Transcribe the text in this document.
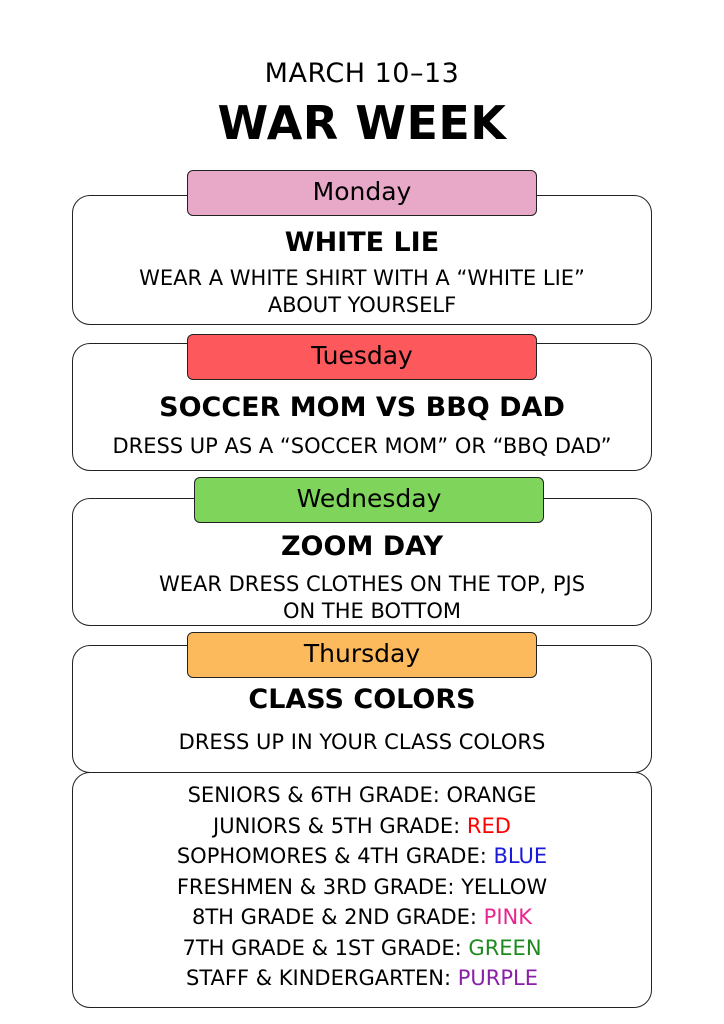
MARCH 10–13
WAR WEEK
Monday
WHITE LIE
WEAR A WHITE SHIRT WITH A “WHITE LIE”
ABOUT YOURSELF
Tuesday
SOCCER MOM VS BBQ DAD
DRESS UP AS A “SOCCER MOM” OR “BBQ DAD”
Wednesday
ZOOM DAY
WEAR DRESS CLOTHES ON THE TOP, PJS
ON THE BOTTOM
Thursday
CLASS COLORS
DRESS UP IN YOUR CLASS COLORS
SENIORS & 6TH GRADE: ORANGE
JUNIORS & 5TH GRADE: RED
SOPHOMORES & 4TH GRADE: BLUE
FRESHMEN & 3RD GRADE: YELLOW
8TH GRADE & 2ND GRADE: PINK
7TH GRADE & 1ST GRADE: GREEN
STAFF & KINDERGARTEN: PURPLE
